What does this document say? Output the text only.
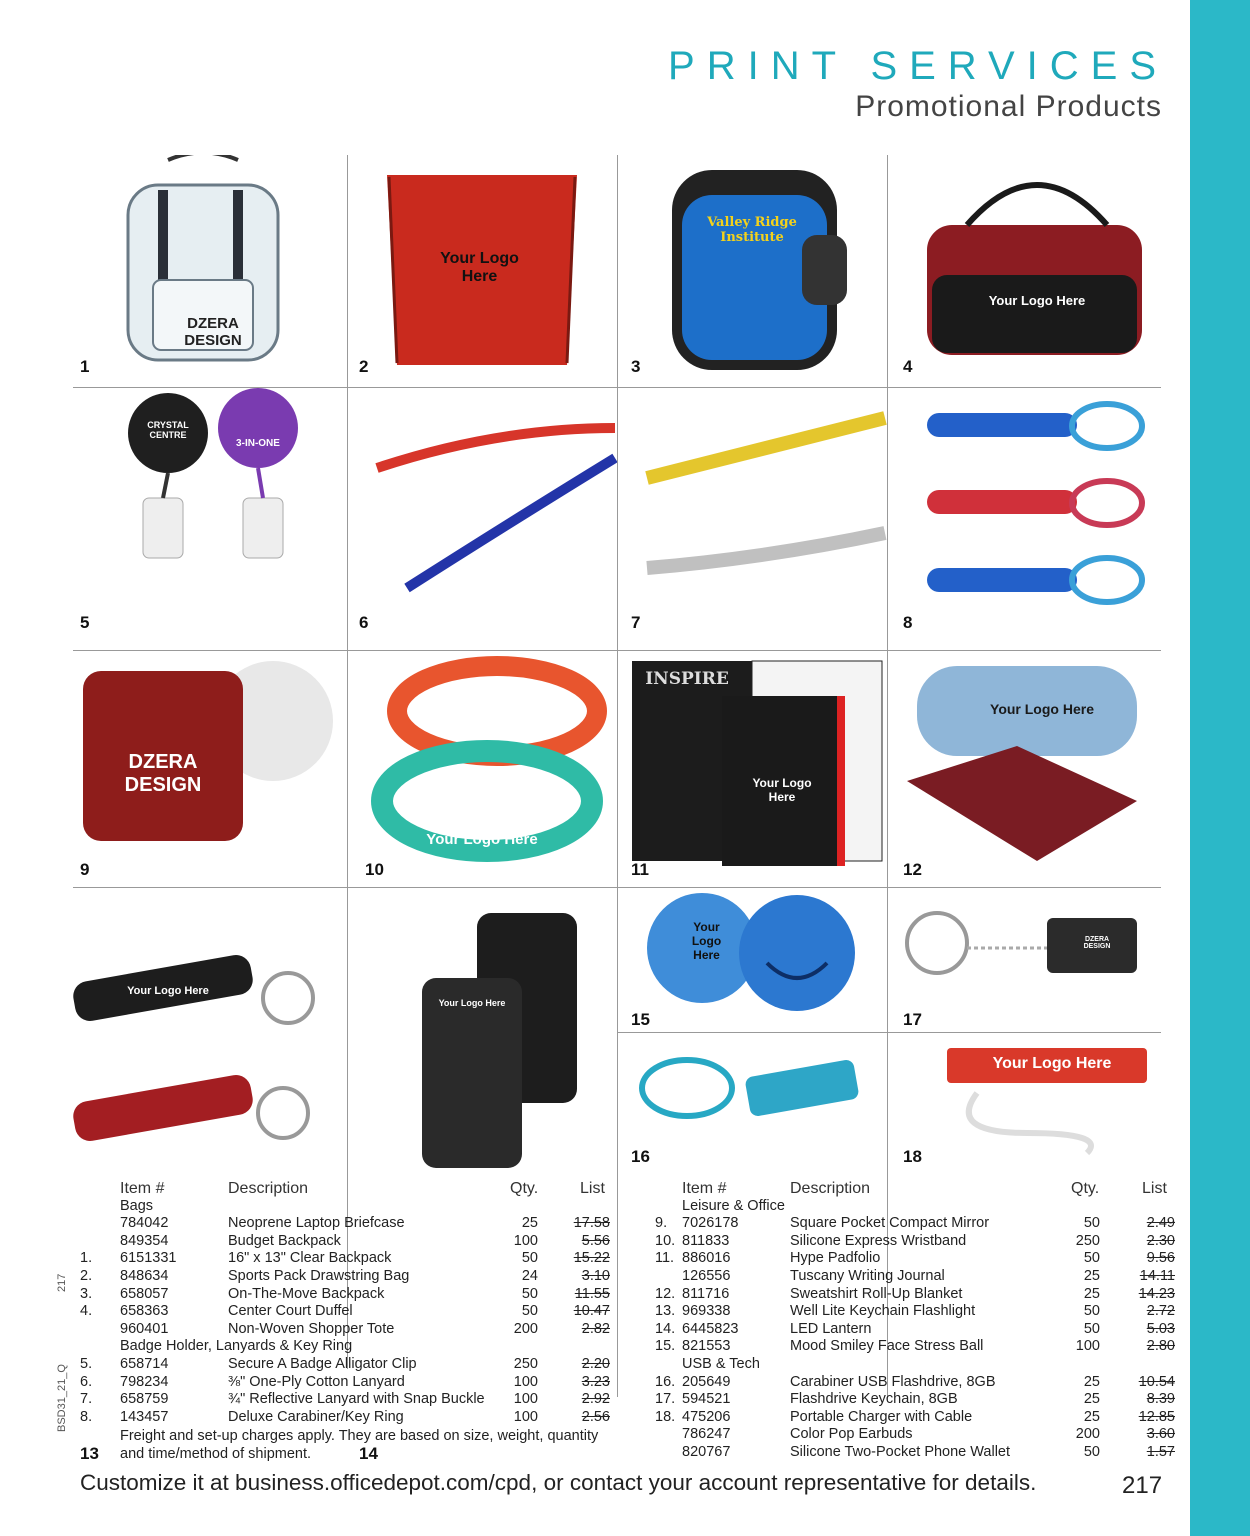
PRINT SERVICES
Promotional Products
DZERA DESIGN
1
Your Logo Here
2
Valley Ridge Institute
3
Your Logo Here
4
CRYSTAL CENTRE
3-IN-ONE
5	6	7	8
DZERA DESIGN
9
Your Logo Here
10
INSPIRE
Your Logo Here
11
Your Logo Here
12
Your Logo Here
13
Your Logo Here
14
Your Logo Here
15
DZERA DESIGN
17
16
Your Logo Here
18
217
BSD31_21_Q
Item #	Description	Qty.	List
Bags
784042	Neoprene Laptop Briefcase	25 17.58
849354	Budget Backpack	100	5.56
1. 6151331	16" x 13" Clear Backpack	50 15.22
2. 848634	Sports Pack Drawstring Bag	24	3.10
3. 658057	On-The-Move Backpack	50	11.55
4. 658363	Center Court Duffel	50 10.47
960401	Non-Woven Shopper Tote	200	2.82
Badge Holder, Lanyards & Key Ring
5. 658714	Secure A Badge Alligator Clip	250	2.20
6. 798234	⅜" One-Ply Cotton Lanyard	100	3.23
7. 658759	¾" Reflective Lanyard with Snap Buckle 100	2.92
8. 143457	Deluxe Carabiner/Key Ring	100	2.56
Freight and set-up charges apply. They are based on size, weight, quantity
and time/method of shipment.
Item #	Description	Qty.	List
Leisure & Office
9. 7026178	Square Pocket Compact Mirror	50	2.49
10. 811833	Silicone Express Wristband	250	2.30
11. 886016	Hype Padfolio	50	9.56
126556	Tuscany Writing Journal	25	14.11
12. 811716	Sweatshirt Roll-Up Blanket	25	14.23
13. 969338	Well Lite Keychain Flashlight	50	2.72
14. 6445823	LED Lantern	50	5.03
15. 821553	Mood Smiley Face Stress Ball	100	2.80
USB & Tech
16. 205649	Carabiner USB Flashdrive, 8GB	25	10.54
17. 594521	Flashdrive Keychain, 8GB	25	8.39
18. 475206	Portable Charger with Cable	25	12.85
786247	Color Pop Earbuds	200	3.60
820767	Silicone Two-Pocket Phone Wallet	50	1.57
Customize it at business.officedepot.com/cpd, or contact your account representative for details.	217
